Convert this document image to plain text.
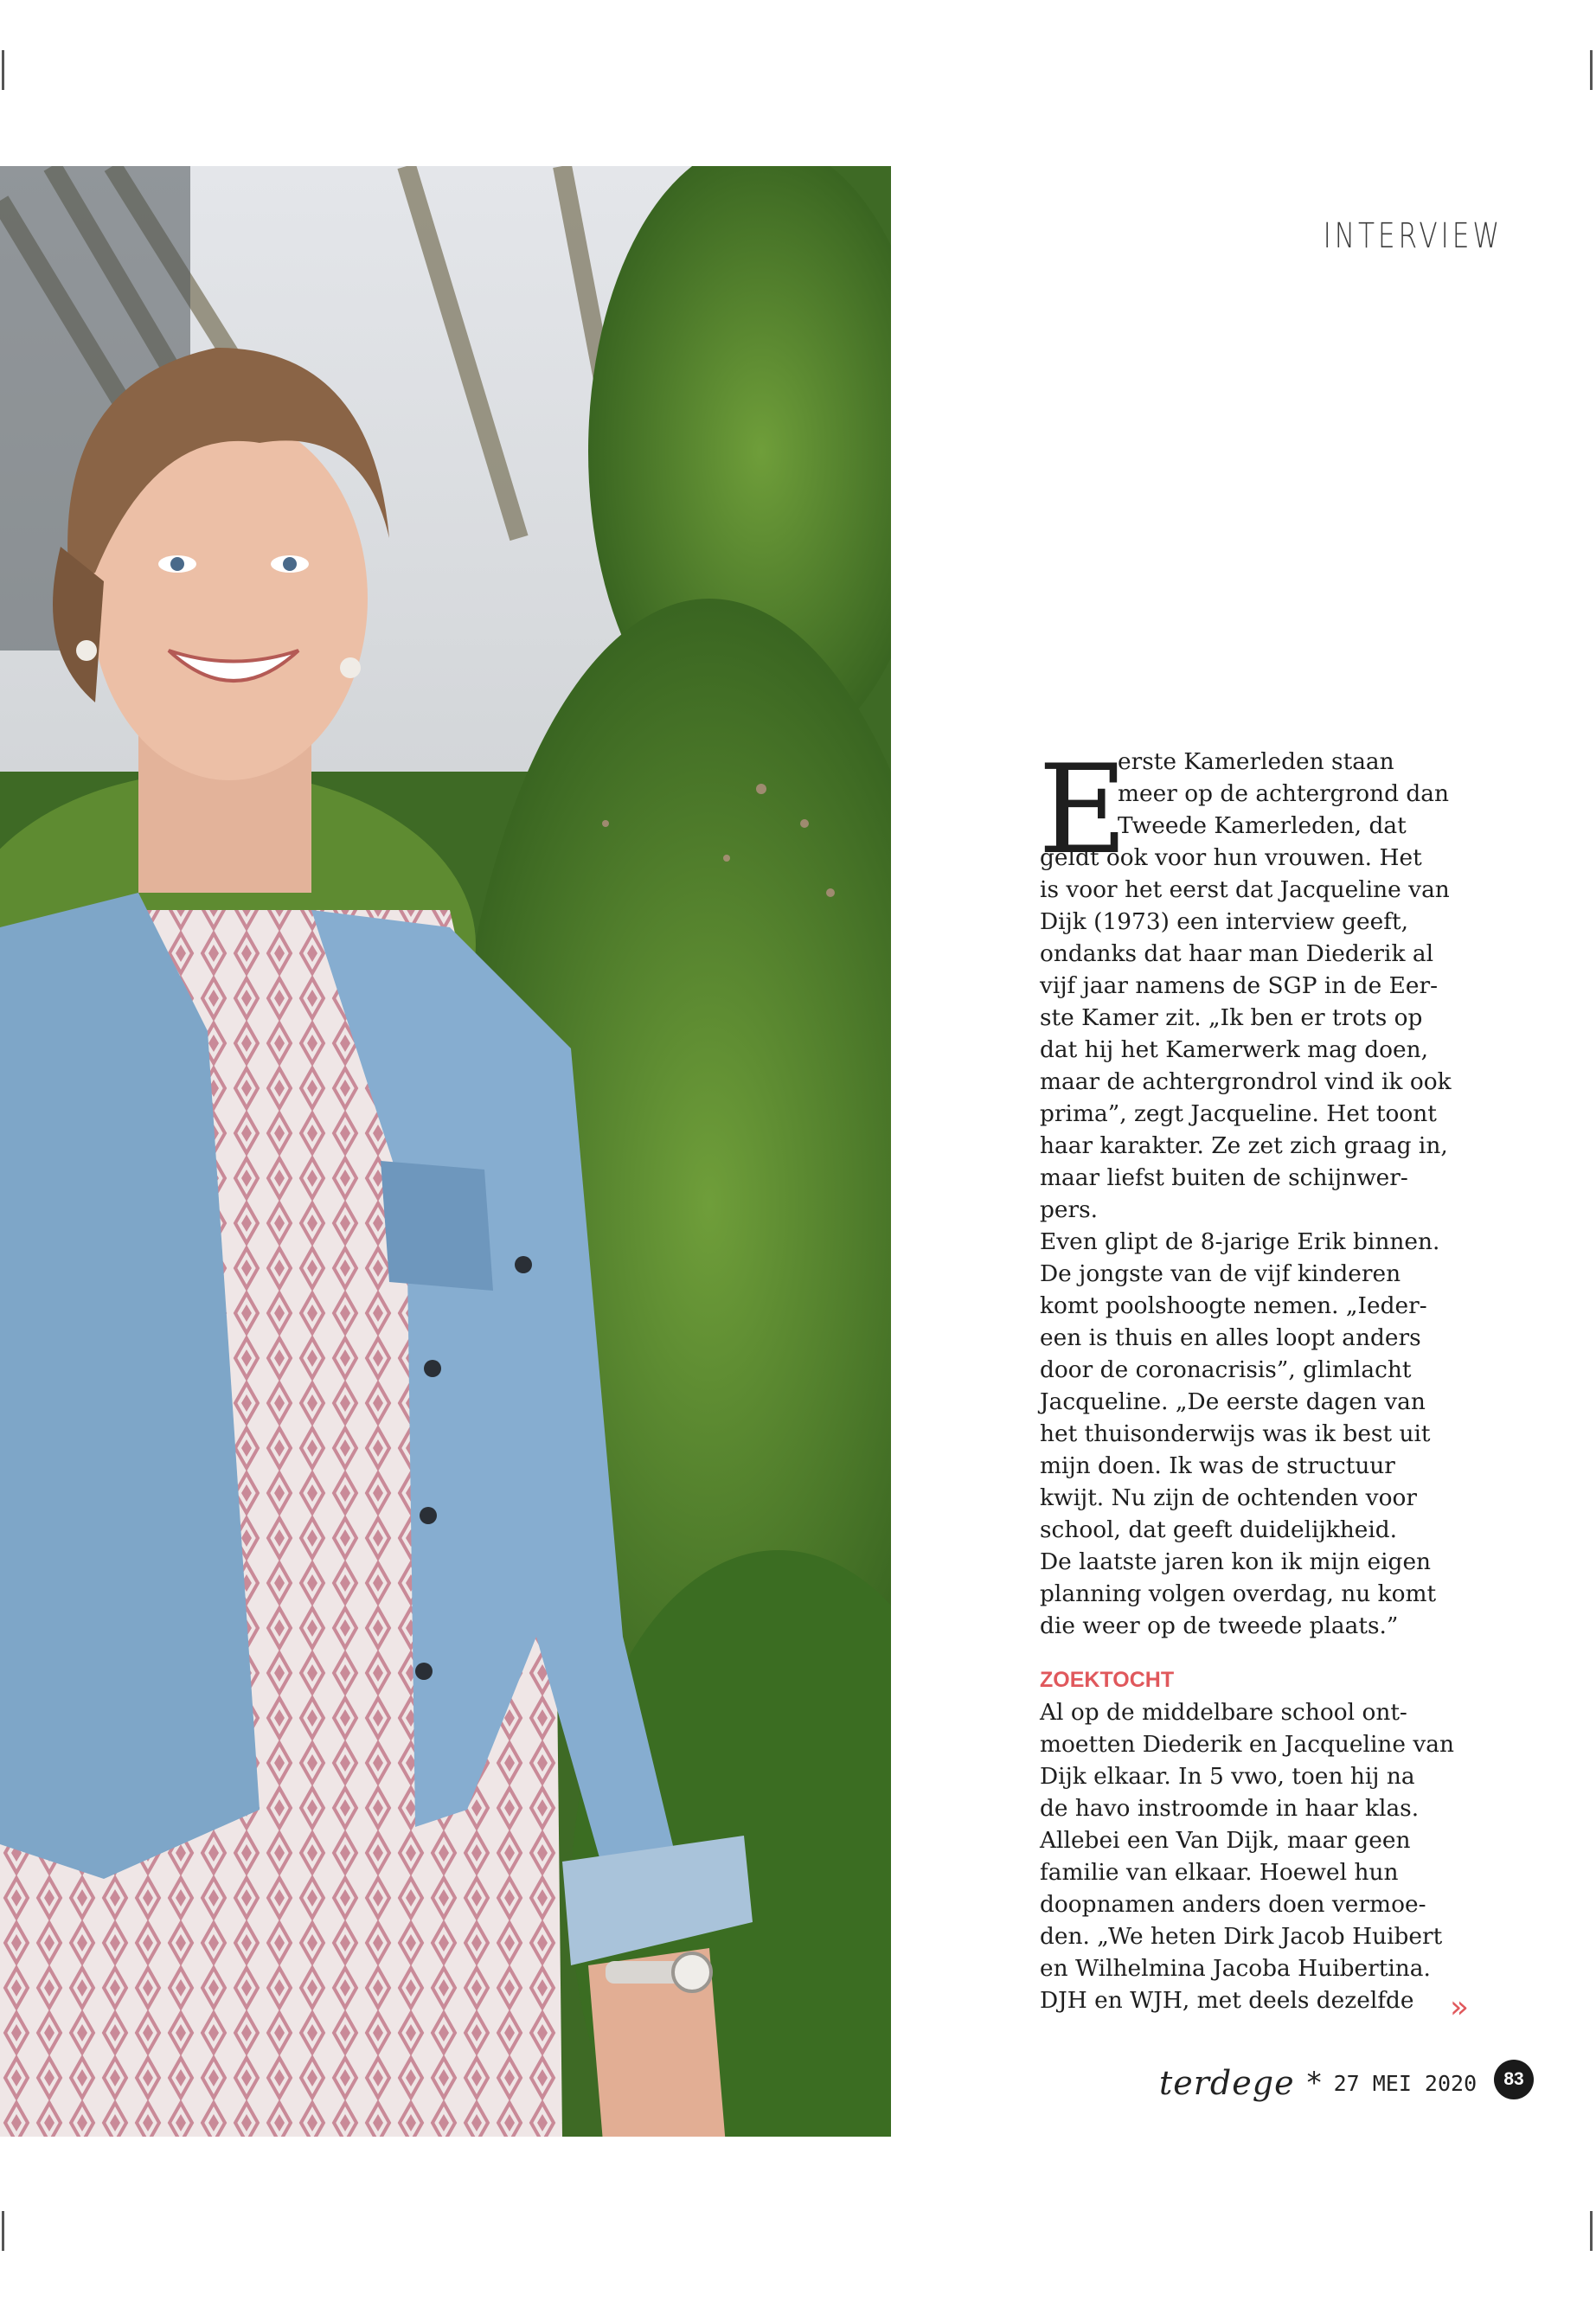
INTERVIEW
E

erste Kamerleden staan

meer op de achtergrond dan

Tweede Kamerleden, dat

geldt ook voor hun vrouwen. Het

is voor het eerst dat Jacqueline van

Dijk (1973) een interview geeft,

ondanks dat haar man Diederik al

vijf jaar namens de SGP in de Eer-

ste Kamer zit. „Ik ben er trots op

dat hij het Kamerwerk mag doen,

maar de achtergrondrol vind ik ook

prima”, zegt Jacqueline. Het toont

haar karakter. Ze zet zich graag in,

maar liefst buiten de schijnwer-

pers.

Even glipt de 8-jarige Erik binnen.

De jongste van de vijf kinderen

komt poolshoogte nemen. „Ieder-

een is thuis en alles loopt anders

door de coronacrisis”, glimlacht

Jacqueline. „De eerste dagen van

het thuisonderwijs was ik best uit

mijn doen. Ik was de structuur

kwijt. Nu zijn de ochtenden voor

school, dat geeft duidelijkheid.

De laatste jaren kon ik mijn eigen

planning volgen overdag, nu komt

die weer op de tweede plaats.”

ZOEKTOCHT

Al op de middelbare school ont-

moetten Diederik en Jacqueline van

Dijk elkaar. In 5 vwo, toen hij na

de havo instroomde in haar klas.

Allebei een Van Dijk, maar geen

familie van elkaar. Hoewel hun

doopnamen anders doen vermoe-

den. „We heten Dirk Jacob Huibert

en Wilhelmina Jacoba Huibertina.

DJH en WJH, met deels dezelfde	»
terdege * 27 MEI 2020	83
